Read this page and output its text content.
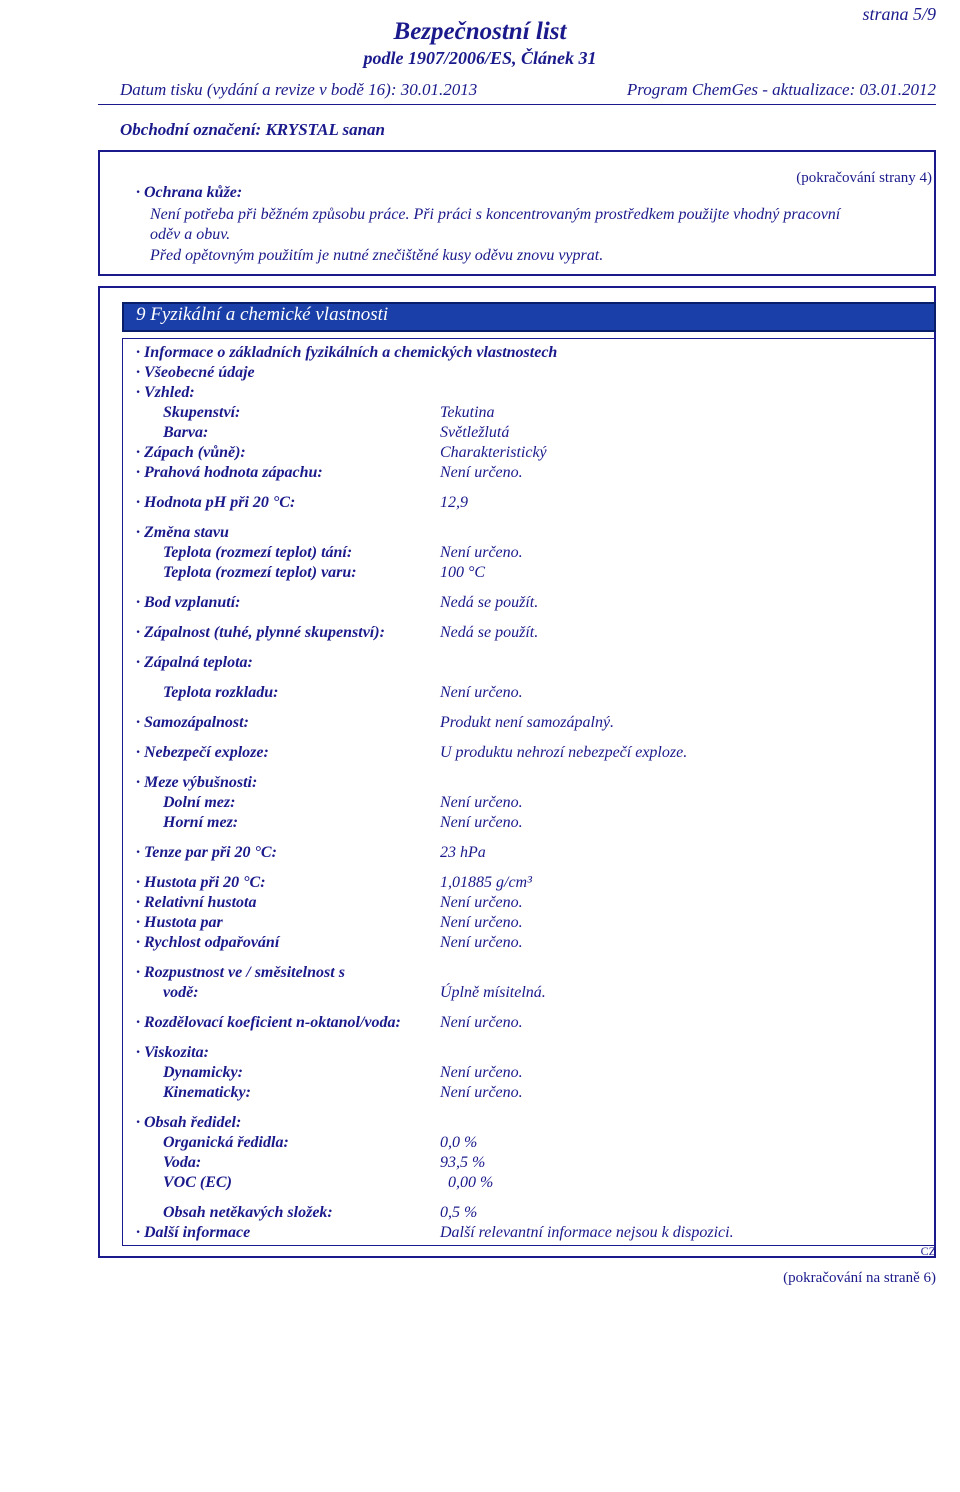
strana 5/9
Bezpečnostní list
podle 1907/2006/ES, Článek 31
Datum tisku (vydání a revize v bodě 16): 30.01.2013	Program ChemGes - aktualizace: 03.01.2012
Obchodní označení: KRYSTAL sanan
(pokračování strany 4)
· Ochrana kůže:
Není potřeba při běžném způsobu práce. Při práci s koncentrovaným prostředkem použijte vhodný pracovní
oděv a obuv.
Před opětovným použitím je nutné znečištěné kusy oděvu znovu vyprat.
9 Fyzikální a chemické vlastnosti
· Informace o základních fyzikálních a chemických vlastnostech
· Všeobecné údaje
· Vzhled:
Skupenství:	Tekutina
Barva:	Světležlutá
· Zápach (vůně):	Charakteristický
· Prahová hodnota zápachu:	Není určeno.
· Hodnota pH při 20 °C:	12,9
· Změna stavu
Teplota (rozmezí teplot) tání:	Není určeno.
Teplota (rozmezí teplot) varu:	100 °C
· Bod vzplanutí:	Nedá se použít.
· Zápalnost (tuhé, plynné skupenství):	Nedá se použít.
· Zápalná teplota:
Teplota rozkladu:	Není určeno.
· Samozápalnost:	Produkt není samozápalný.
· Nebezpečí exploze:	U produktu nehrozí nebezpečí exploze.
· Meze výbušnosti:
Dolní mez:	Není určeno.
Horní mez:	Není určeno.
· Tenze par při 20 °C:	23 hPa
· Hustota při 20 °C:	1,01885 g/cm³
· Relativní hustota	Není určeno.
· Hustota par	Není určeno.
· Rychlost odpařování	Není určeno.
· Rozpustnost ve / směsitelnost s
vodě:	Úplně mísitelná.
· Rozdělovací koeficient n-oktanol/voda: Není určeno.
· Viskozita:
Dynamicky:	Není určeno.
Kinematicky:	Není určeno.
· Obsah ředidel:
Organická ředidla:	0,0 %
Voda:	93,5 %
VOC (EC)	0,00 %
Obsah netěkavých složek:	0,5 %
· Další informace	Další relevantní informace nejsou k dispozici.
CZ
(pokračování na straně 6)
